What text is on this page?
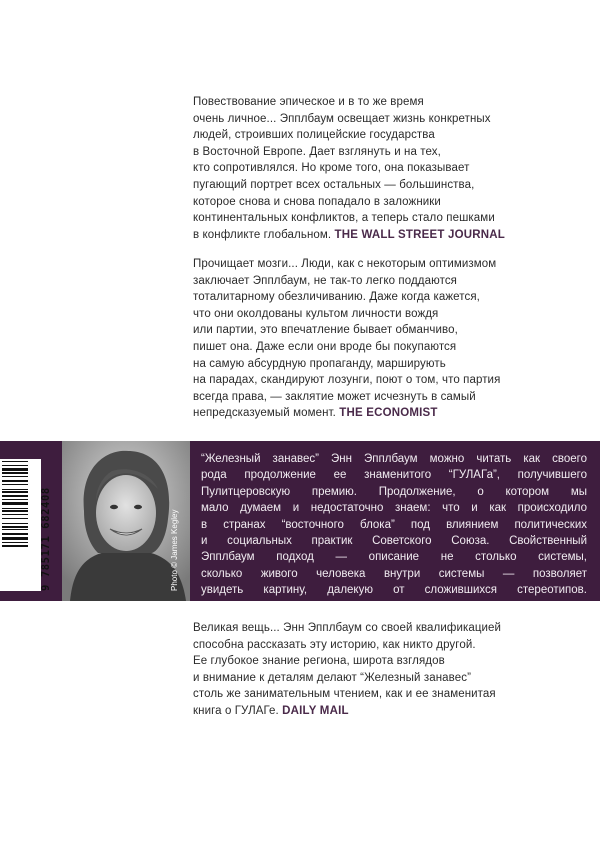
Повествование эпическое и в то же время
очень личное... Эпплбаум освещает жизнь конкретных
людей, строивших полицейские государства
в Восточной Европе. Дает взглянуть и на тех,
кто сопротивлялся. Но кроме того, она показывает
пугающий портрет всех остальных — большинства,
которое снова и снова попадало в заложники
континентальных конфликтов, а теперь стало пешками
в конфликте глобальном. THE WALL STREET JOURNAL
Прочищает мозги... Люди, как с некоторым оптимизмом
заключает Эпплбаум, не так-то легко поддаются
тоталитарному обезличиванию. Даже когда кажется,
что они околдованы культом личности вождя
или партии, это впечатление бывает обманчиво,
пишет она. Даже если они вроде бы покупаются
на самую абсурдную пропаганду, марширують
на парадах, скандируют лозунги, поют о том, что партия
всегда права, — заклятие может исчезнуть в самый
непредсказуемый момент. THE ECONOMIST
9 785171 682408	Photo © James Kegley
“Железный занавес” Энн Эпплбаум можно читать как своего
рода продолжение ее знаменитого “ГУЛАГа”, получившего
Пулитцеровскую премию. Продолжение, о котором мы
мало думаем и недостаточно знаем: что и как происходило
в странах “восточного блока” под влиянием политических
и социальных практик Советского Союза. Свойственный
Эпплбаум подход — описание не столько системы,
сколько живого человека внутри системы — позволяет
увидеть картину, далекую от сложившихся стереотипов.
Великая вещь... Энн Эпплбаум со своей квалификацией
способна рассказать эту историю, как никто другой.
Ее глубокое знание региона, широта взглядов
и внимание к деталям делают “Железный занавес”
столь же занимательным чтением, как и ее знаменитая
книга о ГУЛАГе. DAILY MAIL
